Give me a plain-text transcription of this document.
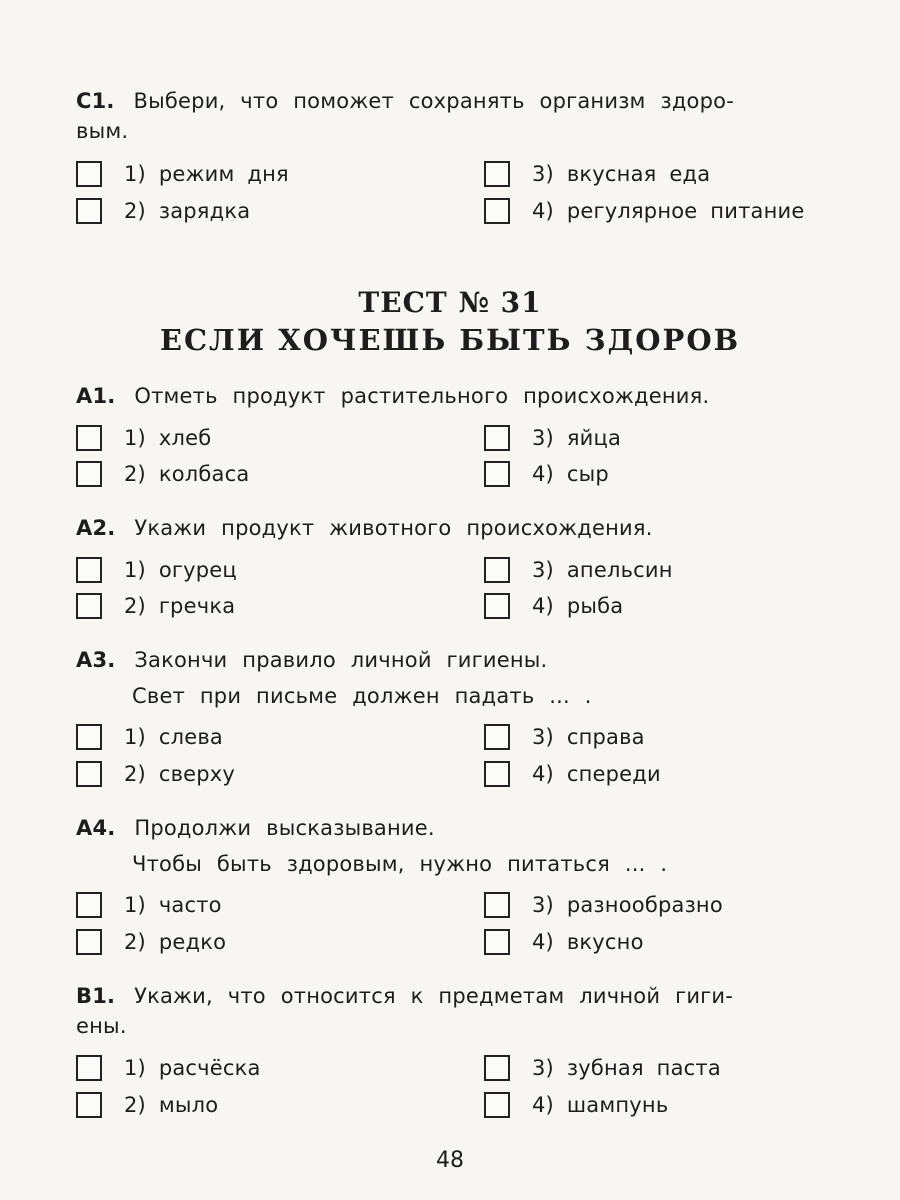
С1. Выбери, что поможет сохранять организм здоро-
вым.
1) режим дня
2) зарядка
3) вкусная еда
4) регулярное питание
ТЕСТ № 31
ЕСЛИ ХОЧЕШЬ БЫТЬ ЗДОРОВ
А1. Отметь продукт растительного происхождения.
1) хлеб
2) колбаса
3) яйца
4) сыр
А2. Укажи продукт животного происхождения.
1) огурец
2) гречка
3) апельсин
4) рыба
А3. Закончи правило личной гигиены.
Свет при письме должен падать ... .
1) слева
2) сверху
3) справа
4) спереди
А4. Продолжи высказывание.
Чтобы быть здоровым, нужно питаться ... .
1) часто
2) редко
3) разнообразно
4) вкусно
В1. Укажи, что относится к предметам личной гиги-
ены.
1) расчёска
2) мыло
3) зубная паста
4) шампунь
48
